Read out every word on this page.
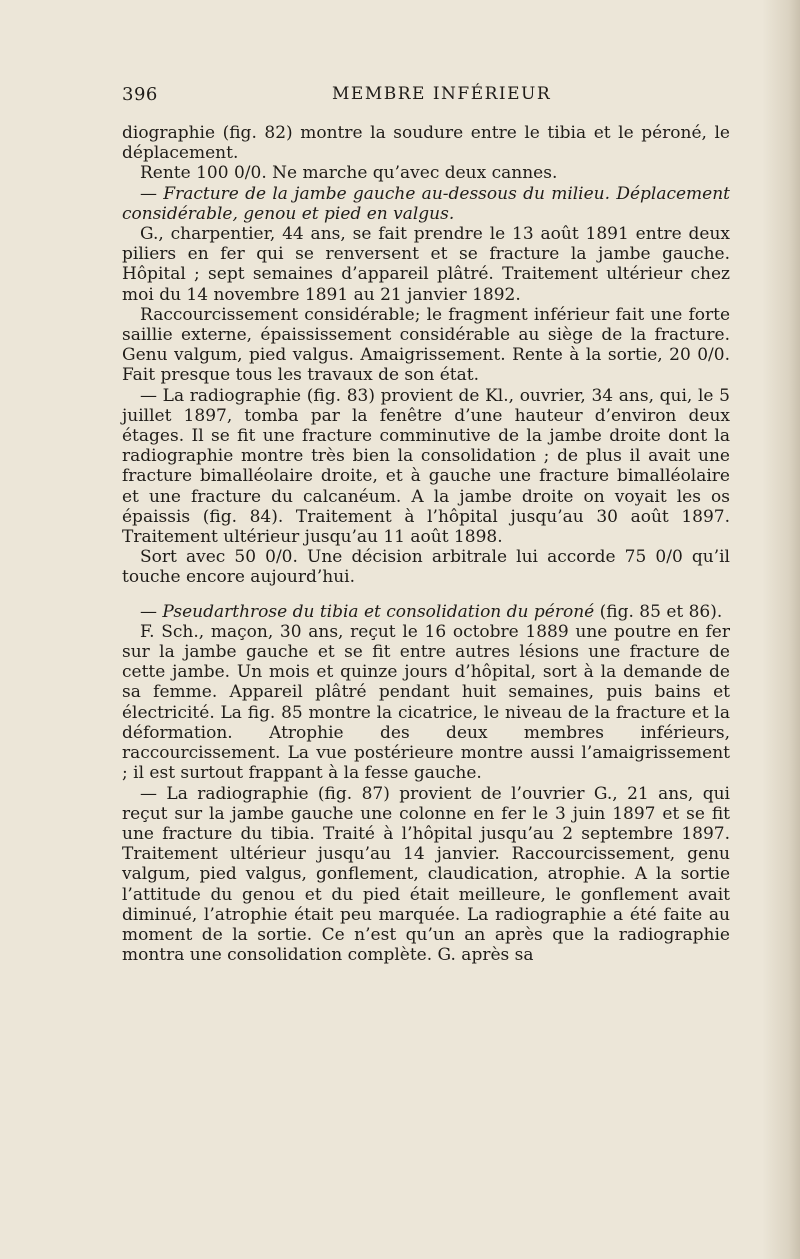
396	MEMBRE INFÉRIEUR

diographie (fig. 82) montre la soudure entre le tibia et le péroné, le déplacement.

Rente 100 0/0. Ne marche qu’avec deux cannes.

— Fracture de la jambe gauche au-dessous du milieu. Déplacement considérable, genou et pied en valgus.

G., charpentier, 44 ans, se fait prendre le 13 août 1891 entre deux piliers en fer qui se renversent et se fracture la jambe gauche. Hôpital ; sept semaines d’appareil plâtré. Traitement ultérieur chez moi du 14 novembre 1891 au 21 janvier 1892.

Raccourcissement considérable; le fragment inférieur fait une forte saillie externe, épaississement considérable au siège de la fracture. Genu valgum, pied valgus. Amaigrissement. Rente à la sortie, 20 0/0. Fait presque tous les travaux de son état.

— La radiographie (fig. 83) provient de Kl., ouvrier, 34 ans, qui, le 5 juillet 1897, tomba par la fenêtre d’une hauteur d’environ deux étages. Il se fit une fracture comminutive de la jambe droite dont la radiographie montre très bien la consolidation ; de plus il avait une fracture bimalléolaire droite, et à gauche une fracture bimalléolaire et une fracture du calcanéum. A la jambe droite on voyait les os épaissis (fig. 84). Traitement à l’hôpital jusqu’au 30 août 1897. Traitement ultérieur jusqu’au 11 août 1898.

Sort avec 50 0/0. Une décision arbitrale lui accorde 75 0/0 qu’il touche encore aujourd’hui.

— Pseudarthrose du tibia et consolidation du péroné (fig. 85 et 86).

F. Sch., maçon, 30 ans, reçut le 16 octobre 1889 une poutre en fer sur la jambe gauche et se fit entre autres lésions une fracture de cette jambe. Un mois et quinze jours d’hôpital, sort à la demande de sa femme. Appareil plâtré pendant huit semaines, puis bains et électricité. La fig. 85 montre la cicatrice, le niveau de la fracture et la déformation. Atrophie des deux membres inférieurs, raccourcissement. La vue postérieure montre aussi l’amaigrissement ; il est surtout frappant à la fesse gauche.

— La radiographie (fig. 87) provient de l’ouvrier G., 21 ans, qui reçut sur la jambe gauche une colonne en fer le 3 juin 1897 et se fit une fracture du tibia. Traité à l’hôpital jusqu’au 2 septembre 1897. Traitement ultérieur jusqu’au 14 janvier. Raccourcissement, genu valgum, pied valgus, gonflement, claudication, atrophie. A la sortie l’attitude du genou et du pied était meilleure, le gonflement avait diminué, l’atrophie était peu marquée. La radiographie a été faite au moment de la sortie. Ce n’est qu’un an après que la radiographie montra une consolidation complète. G. après sa
